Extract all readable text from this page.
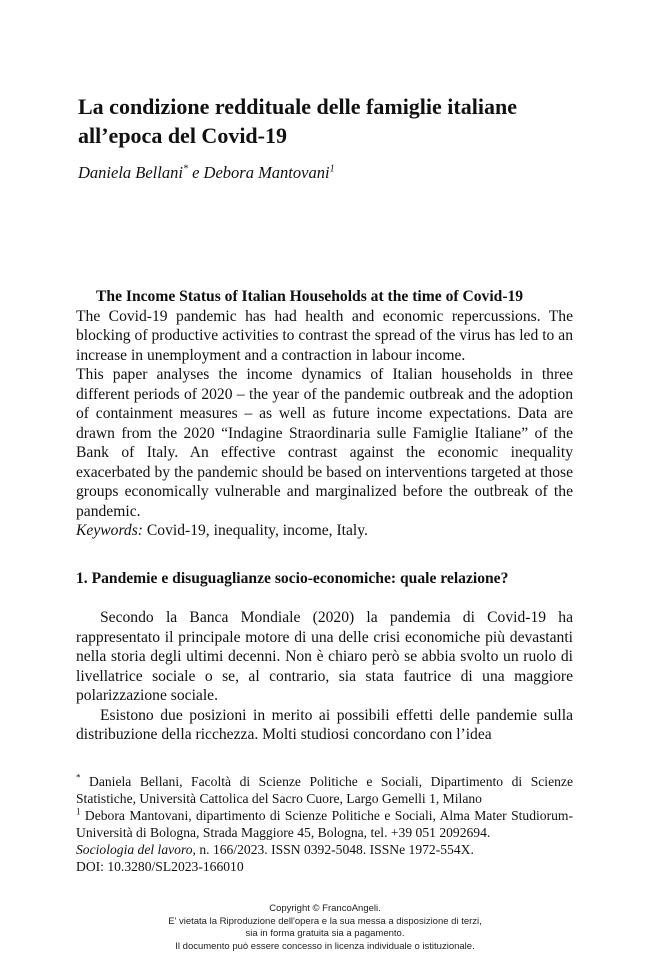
La condizione reddituale delle famiglie italiane
all’epoca del Covid-19
Daniela Bellani* e Debora Mantovani$^1$

The Income Status of Italian Households at the time of Covid-19

The Covid-19 pandemic has had health and economic repercussions. The blocking of productive activities to contrast the spread of the virus has led to an increase in unemployment and a contraction in labour income.

This paper analyses the income dynamics of Italian households in three different periods of 2020 – the year of the pandemic outbreak and the adoption of containment measures – as well as future income expectations. Data are drawn from the 2020 “Indagine Straordinaria sulle Famiglie Italiane” of the Bank of Italy. An effective contrast against the economic inequality exacerbated by the pandemic should be based on interventions targeted at those groups economically vulnerable and marginalized before the outbreak of the pandemic.

Keywords: Covid-19, inequality, income, Italy.

1. Pandemie e disuguaglianze socio-economiche: quale relazione?

Secondo la Banca Mondiale (2020) la pandemia di Covid-19 ha rappresentato il principale motore di una delle crisi economiche più devastanti nella storia degli ultimi decenni. Non è chiaro però se abbia svolto un ruolo di livellatrice sociale o se, al contrario, sia stata fautrice di una maggiore polarizzazione sociale.

Esistono due posizioni in merito ai possibili effetti delle pandemie sulla distribuzione della ricchezza. Molti studiosi concordano con l’idea

* Daniela Bellani, Facoltà di Scienze Politiche e Sociali, Dipartimento di Scienze Statistiche, Università Cattolica del Sacro Cuore, Largo Gemelli 1, Milano

$^1$ Debora Mantovani, dipartimento di Scienze Politiche e Sociali, Alma Mater Studiorum-Università di Bologna, Strada Maggiore 45, Bologna, tel. +39 051 2092694.

Sociologia del lavoro, n. 166/2023. ISSN 0392-5048. ISSNe 1972-554X.

DOI: 10.3280/SL2023-166010

Copyright © FrancoAngeli.
E' vietata la Riproduzione dell'opera e la sua messa a disposizione di terzi,
sia in forma gratuita sia a pagamento.
Il documento può essere concesso in licenza individuale o istituzionale.
